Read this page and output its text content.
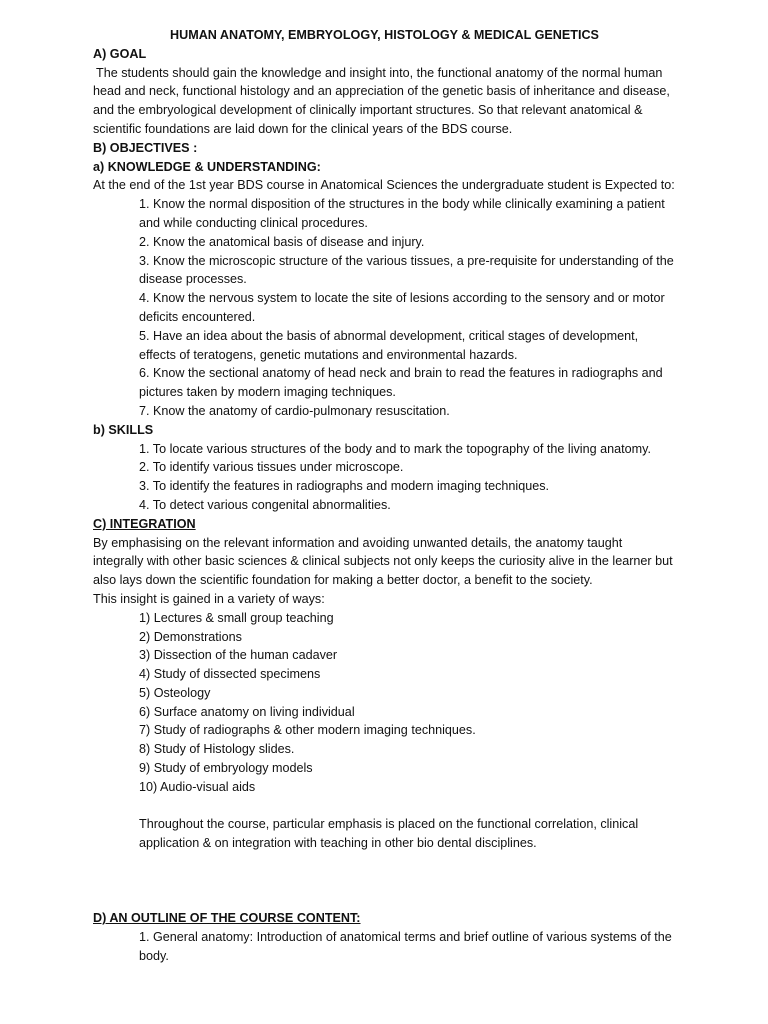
HUMAN ANATOMY, EMBRYOLOGY, HISTOLOGY & MEDICAL GENETICS

A) GOAL

The students should gain the knowledge and insight into, the functional anatomy of the normal human head and neck, functional histology and an appreciation of the genetic basis of inheritance and disease, and the embryological development of clinically important structures. So that relevant anatomical & scientific foundations are laid down for the clinical years of the BDS course.

B) OBJECTIVES :

a) KNOWLEDGE & UNDERSTANDING:

At the end of the 1st year BDS course in Anatomical Sciences the undergraduate student is Expected to:

1. Know the normal disposition of the structures in the body while clinically examining a patient and while conducting clinical procedures.
2. Know the anatomical basis of disease and injury.
3. Know the microscopic structure of the various tissues, a pre-requisite for understanding of the disease processes.
4. Know the nervous system to locate the site of lesions according to the sensory and or motor deficits encountered.
5. Have an idea about the basis of abnormal development, critical stages of development, effects of teratogens, genetic mutations and environmental hazards.
6. Know the sectional anatomy of head neck and brain to read the features in radiographs and pictures taken by modern imaging techniques.
7. Know the anatomy of cardio-pulmonary resuscitation.

b) SKILLS

1. To locate various structures of the body and to mark the topography of the living anatomy.
2. To identify various tissues under microscope.
3. To identify the features in radiographs and modern imaging techniques.
4. To detect various congenital abnormalities.

C) INTEGRATION

By emphasising on the relevant information and avoiding unwanted details, the anatomy taught integrally with other basic sciences & clinical subjects not only keeps the curiosity alive in the learner but also lays down the scientific foundation for making a better doctor, a benefit to the society.

This insight is gained in a variety of ways:

1) Lectures & small group teaching
2) Demonstrations
3) Dissection of the human cadaver
4) Study of dissected specimens
5) Osteology
6) Surface anatomy on living individual
7) Study of radiographs & other modern imaging techniques.
8) Study of Histology slides.
9) Study of embryology models
10) Audio-visual aids

Throughout the course, particular emphasis is placed on the functional correlation, clinical application & on integration with teaching in other bio dental disciplines.

D) AN OUTLINE OF THE COURSE CONTENT:

1. General anatomy: Introduction of anatomical terms and brief outline of various systems of the body.
